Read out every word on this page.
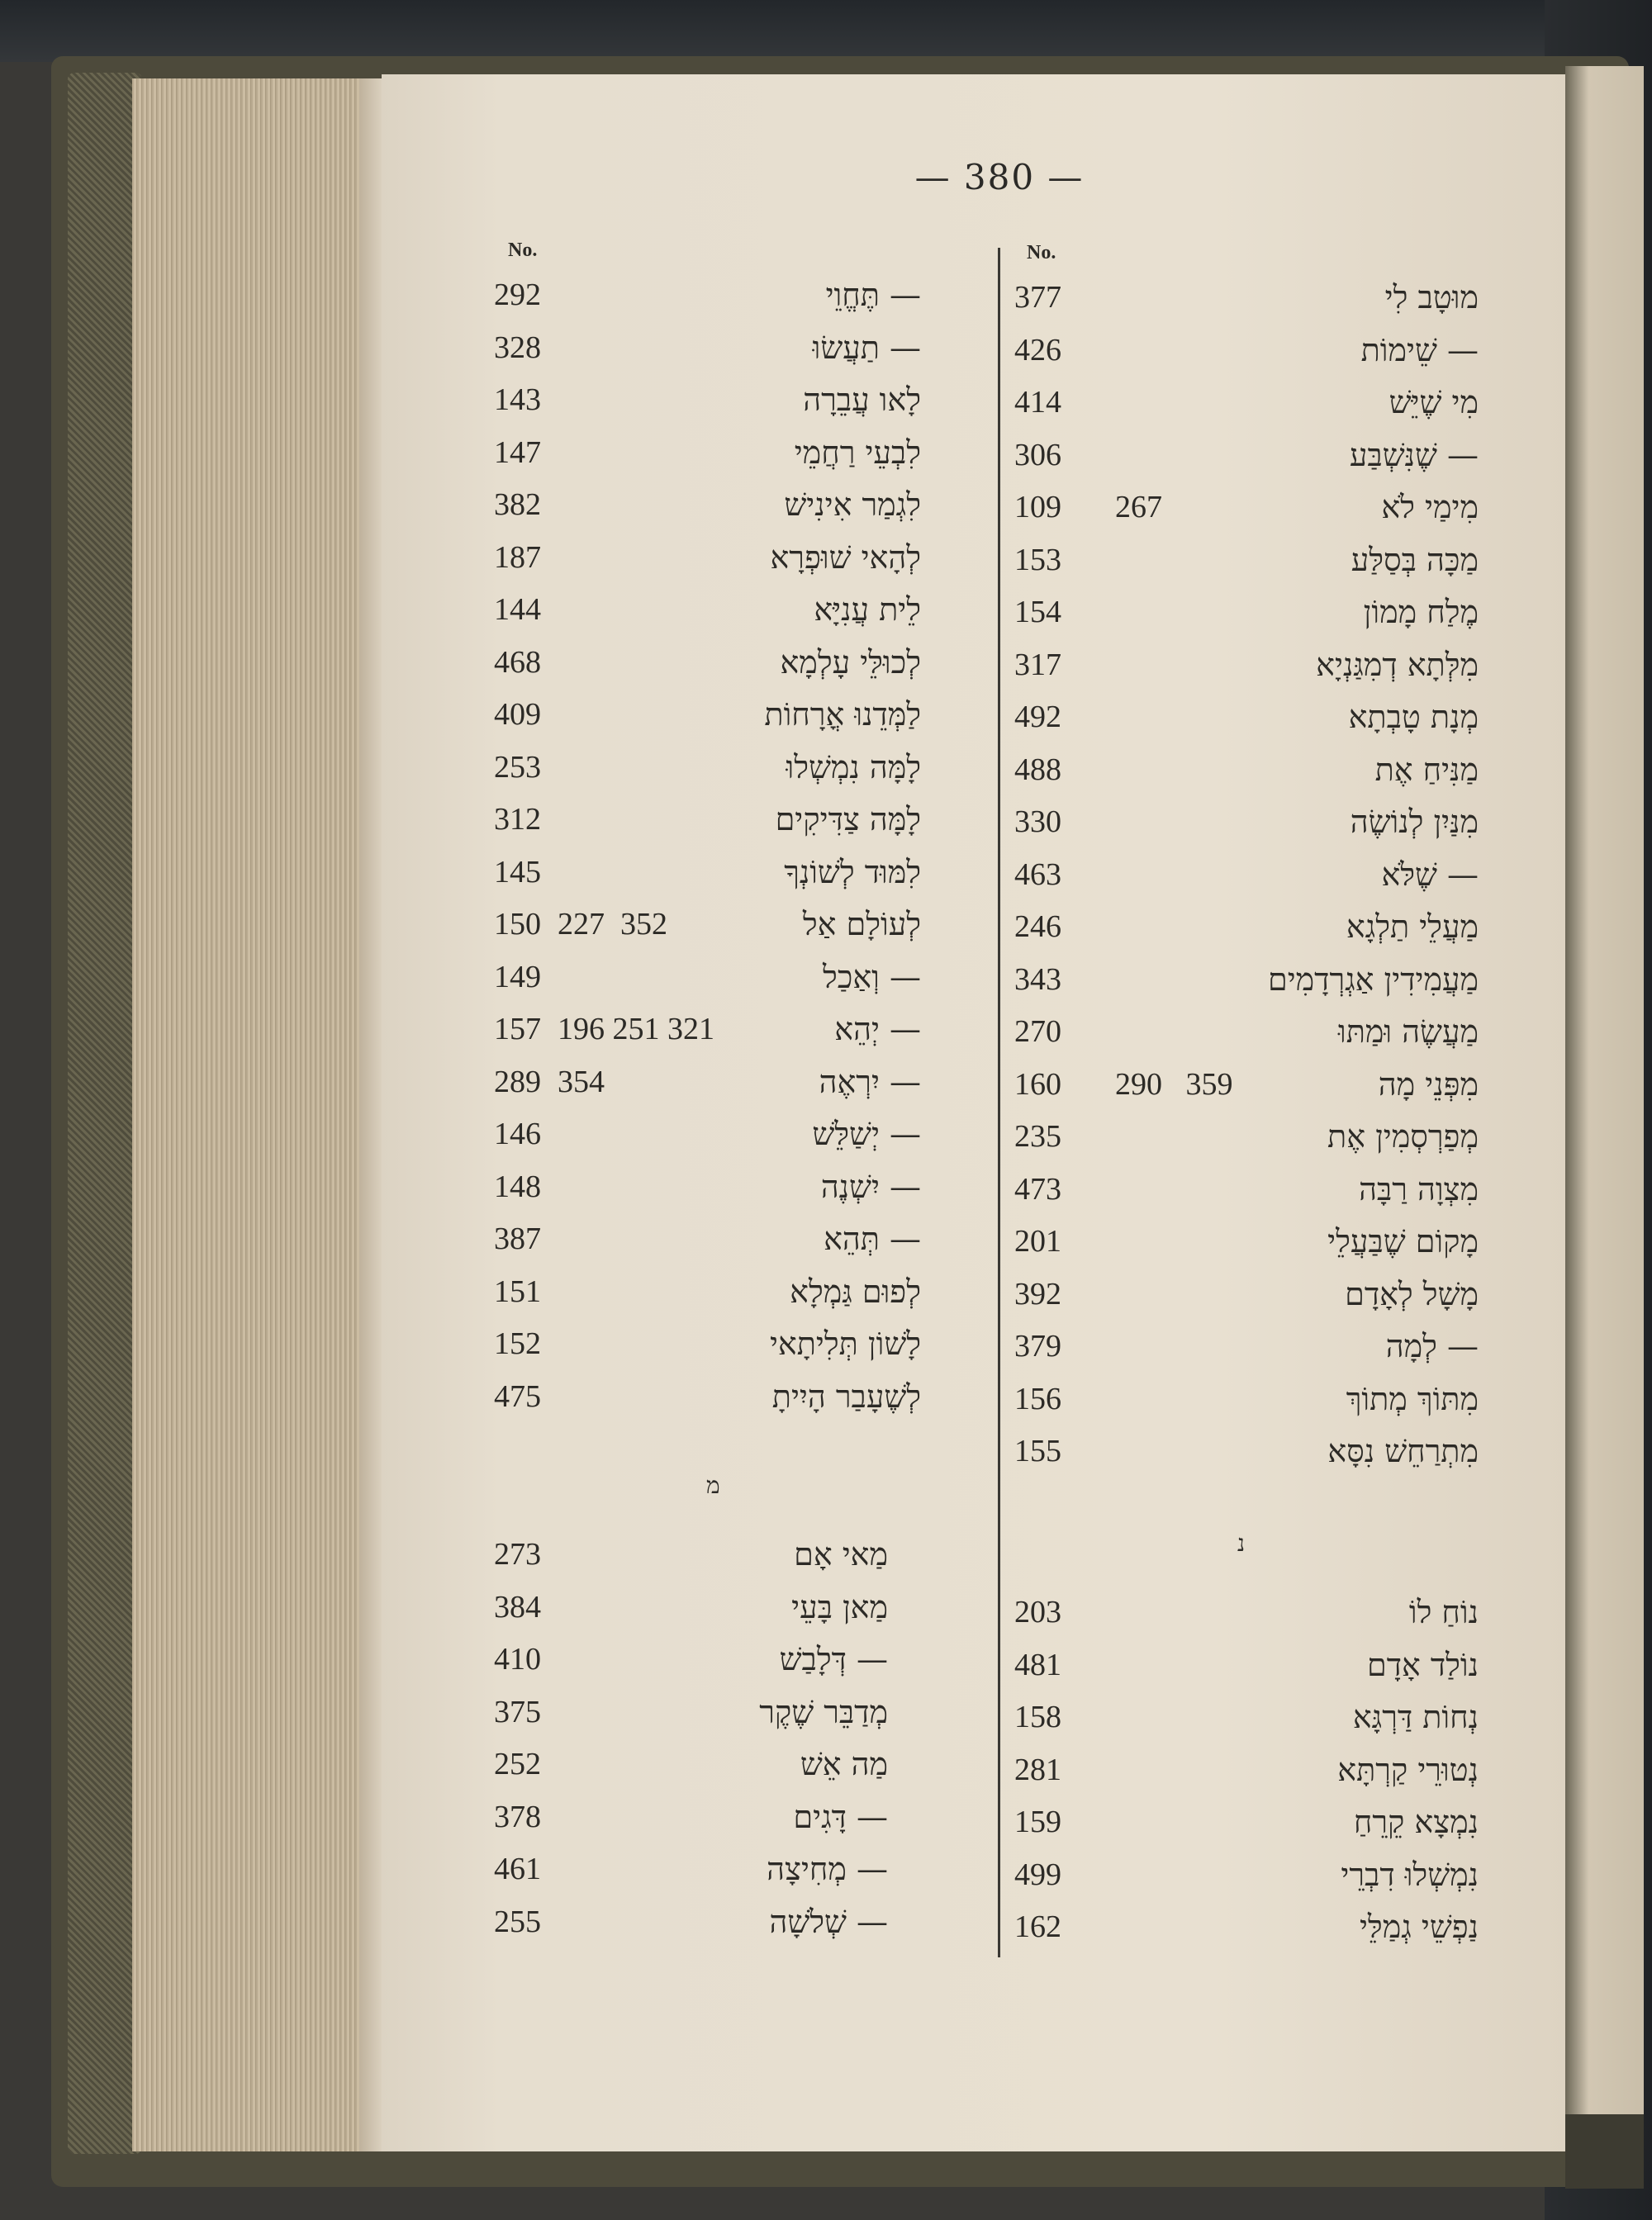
— 380 —
No.	No.
מ
נ
292	— תֶּחֱוֵי
328	— תַעֲשׂוּ
143	לָאו עֲבֵרָה
147	לִבְעֵי רַחֲמֵי
382	לִגְמַר אִינִישׁ
187	לְהָאי שׁוּפְרָא
144	לֵית עֲנִיָּא
468	לְכוּלֵּי עָלְמָא
409	לַמְּדֵנוּ אֳרָחוֹת
253	לָמָּה נִמְשְׁלוּ
312	לָמָּה צַדִּיקִים
145	לִמּוּד לְשׁוֹנְךָ
150 227  352	לְעוֹלָם אַל
149	— וְאַכַל
157 196 251 321	— יְהֵא
289 354	— יִרְאֶה
146	— יְשַׁלֵּשׁ
148	— יִשְׁנֶה
387	— תְּהֵא
151	לְפוּם גַּמְלָא
152	לָשׁוֹן תְּלִיתָאי
475	לְשֶׁעָבַר הָיִיתָ
273	מַאי אָם
384	מַאן בָּעֵי
410	— דְּלָבַשׁ
375	מְדַבֵּר שֶׁקֶר
252	מַה אֵשׁ
378	— דָּגִים
461	— מְחִיצָה
255	— שְׁלֹשָׁה
377	מוּטָב לִי
426	— שֵׁימוֹת
414	מִי שֶׁיֵּשׁ
306	— שֶׁנִּשְׁבַּע
109 267	מִימַי לֹא
153	מַכָּה בְּסַלַּע
154	מֶלַח מָמוֹן
317	מִלְּתָא דְמִגַּנְיָא
492	מְנָת טָבְתָא
488	מַנִּיחַ אֶת
330	מִנַּיִן לְנוֹשֶׂה
463	— שֶׁלֹּא
246	מַעֲלֵי תַלְגָא
343	מַעֲמִידִין אַגְרְדָמִים
270	מַעֲשֶׂה וּמַתּוּ
160 290   359	מִפְּנֵי מָה
235	מְפַרְסְמִין אֶת
473	מִצְוָה רַבָּה
201	מָקוֹם שֶׁבַּעֲלֵי
392	מָשָׁל לְאָדָם
379	— לְמָה
156	מִתּוֹךְ מְתוֹךְ
155	מִתְרַחֵשׁ נִסָּא
203	נוֹחַ לוֹ
481	נוֹלַד אָדָם
158	נְחוֹת דַּרְגָּא
281	נְטוּרֵי קַרְתָּא
159	נִמְצָא קֵרֵחַ
499	נִמְשְׁלוּ דִבְרֵי
162	נַפְשֵׁי גְמַלֵּי
